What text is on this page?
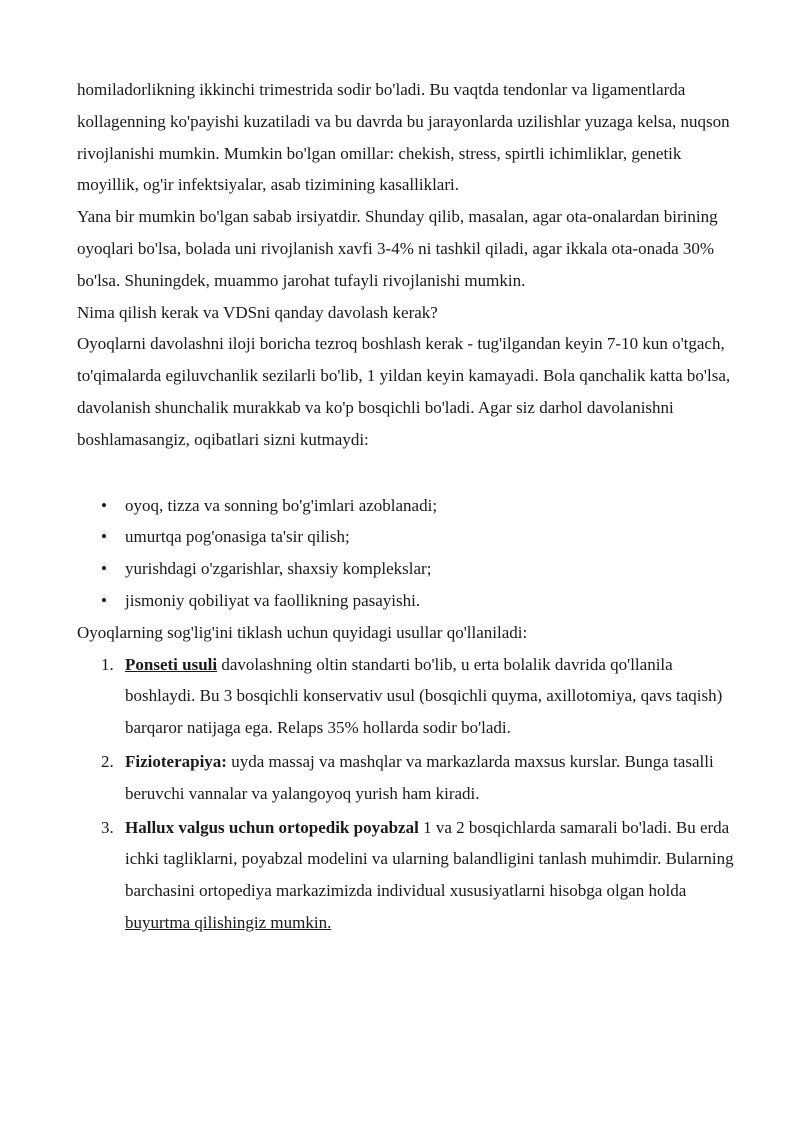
homiladorlikning ikkinchi trimestrida sodir bo'ladi. Bu vaqtda tendonlar va ligamentlarda kollagenning ko'payishi kuzatiladi va bu davrda bu jarayonlarda uzilishlar yuzaga kelsa, nuqson rivojlanishi mumkin. Mumkin bo'lgan omillar: chekish, stress, spirtli ichimliklar, genetik moyillik, og'ir infektsiyalar, asab tizimining kasalliklari.

Yana bir mumkin bo'lgan sabab irsiyatdir. Shunday qilib, masalan, agar ota-onalardan birining oyoqlari bo'lsa, bolada uni rivojlanish xavfi 3-4% ni tashkil qiladi, agar ikkala ota-onada 30% bo'lsa. Shuningdek, muammo jarohat tufayli rivojlanishi mumkin.

Nima qilish kerak va VDSni qanday davolash kerak?

Oyoqlarni davolashni iloji boricha tezroq boshlash kerak - tug'ilgandan keyin 7-10 kun o'tgach, to'qimalarda egiluvchanlik sezilarli bo'lib, 1 yildan keyin kamayadi. Bola qanchalik katta bo'lsa, davolanish shunchalik murakkab va ko'p bosqichli bo'ladi. Agar siz darhol davolanishni boshlamasangiz, oqibatlari sizni kutmaydi:

• oyoq, tizza va sonning bo'g'imlari azoblanadi;
• umurtqa pog'onasiga ta'sir qilish;
• yurishdagi o'zgarishlar, shaxsiy komplekslar;
• jismoniy qobiliyat va faollikning pasayishi.

Oyoqlarning sog'lig'ini tiklash uchun quyidagi usullar qo'llaniladi:

1. Ponseti usuli davolashning oltin standarti bo'lib, u erta bolalik davrida qo'llanila boshlaydi. Bu 3 bosqichli konservativ usul (bosqichli quyma, axillotomiya, qavs taqish) barqaror natijaga ega. Relaps 35% hollarda sodir bo'ladi.
2. Fizioterapiya: uyda massaj va mashqlar va markazlarda maxsus kurslar. Bunga tasalli beruvchi vannalar va yalangoyoq yurish ham kiradi.
3. Hallux valgus uchun ortopedik poyabzal 1 va 2 bosqichlarda samarali bo'ladi. Bu erda ichki tagliklarni, poyabzal modelini va ularning balandligini tanlash muhimdir. Bularning barchasini ortopediya markazimizda individual xususiyatlarni hisobga olgan holda buyurtma qilishingiz mumkin.
